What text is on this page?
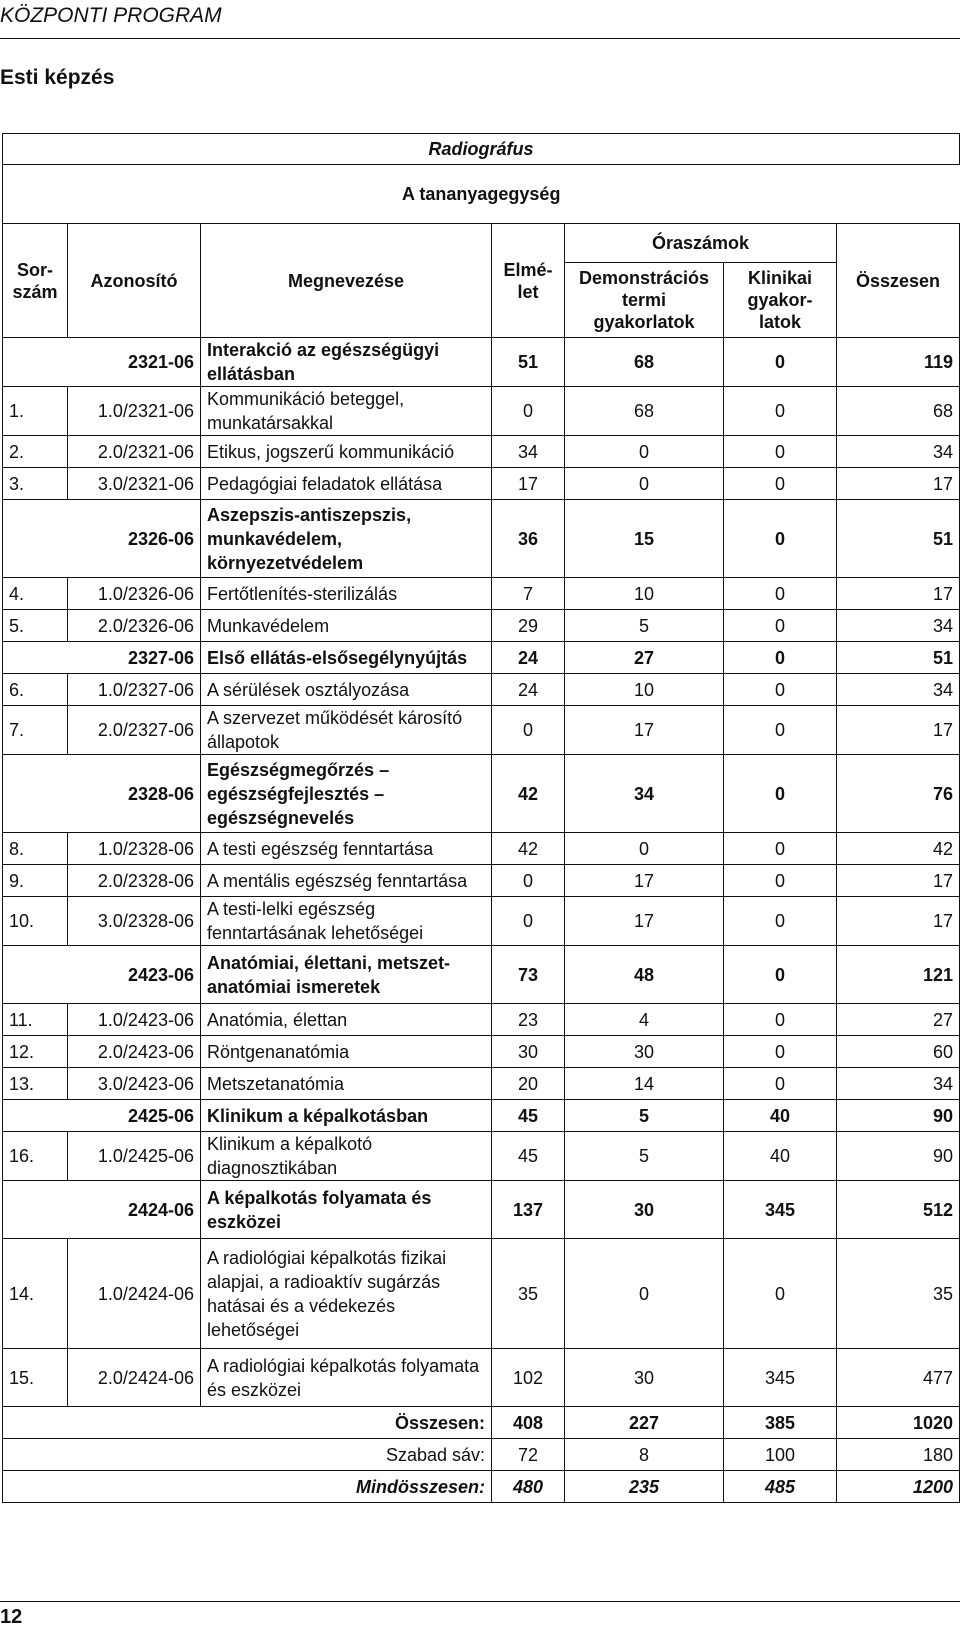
KÖZPONTI PROGRAM
Esti képzés
Radiográfus						
A tananyagegység						
Sor-szám	Azonosító	Megnevezése	Elmé-let	Óraszámok		Összesen
				Demonstrációs termi gyakorlatok	Klinikai gyakor-latok	
	2321-06	Interakció az egészségügyi ellátásban	51	68	0	119
1.	1.0/2321-06	Kommunikáció beteggel, munkatársakkal	0	68	0	68
2.	2.0/2321-06	Etikus, jogszerű kommunikáció	34	0	0	34
3.	3.0/2321-06	Pedagógiai feladatok ellátása	17	0	0	17
	2326-06	Aszepszis-antiszepszis, munkavédelem, környezetvédelem	36	15	0	51
4.	1.0/2326-06	Fertőtlenítés-sterilizálás	7	10	0	17
5.	2.0/2326-06	Munkavédelem	29	5	0	34
	2327-06	Első ellátás-elsősegélynyújtás	24	27	0	51
6.	1.0/2327-06	A sérülések osztályozása	24	10	0	34
7.	2.0/2327-06	A szervezet működését károsító állapotok	0	17	0	17
	2328-06	Egészségmegőrzés – egészségfejlesztés – egészségnevelés	42	34	0	76
8.	1.0/2328-06	A testi egészség fenntartása	42	0	0	42
9.	2.0/2328-06	A mentális egészség fenntartása	0	17	0	17
10.	3.0/2328-06	A testi-lelki egészség fenntartásának lehetőségei	0	17	0	17
	2423-06	Anatómiai, élettani, metszet-anatómiai ismeretek	73	48	0	121
11.	1.0/2423-06	Anatómia, élettan	23	4	0	27
12.	2.0/2423-06	Röntgenanatómia	30	30	0	60
13.	3.0/2423-06	Metszetanatómia	20	14	0	34
	2425-06	Klinikum a képalkotásban	45	5	40	90
16.	1.0/2425-06	Klinikum a képalkotó diagnosztikában	45	5	40	90
	2424-06	A képalkotás folyamata és eszközei	137	30	345	512
14.	1.0/2424-06	A radiológiai képalkotás fizikai alapjai, a radioaktív sugárzás hatásai és a védekezés lehetőségei	35	0	0	35
15.	2.0/2424-06	A radiológiai képalkotás folyamata és eszközei	102	30	345	477
		Összesen:	408	227	385	1020
		Szabad sáv:	72	8	100	180
		Mindösszesen:	480	235	485	1200
12
